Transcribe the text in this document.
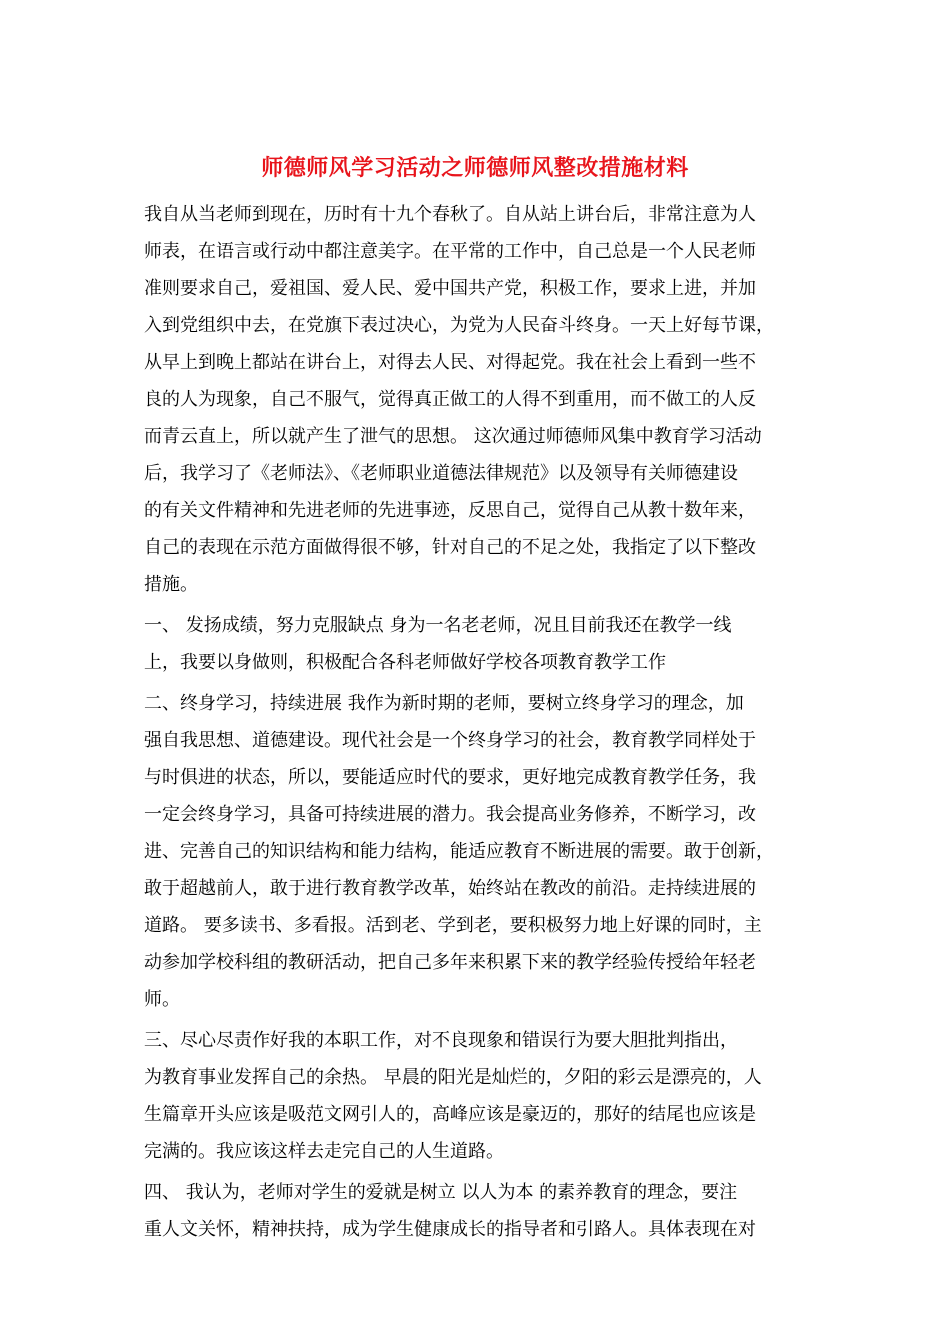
师德师风学习活动之师德师风整改措施材料
我自从当老师到现在，历时有十九个春秋了。自从站上讲台后，非常注意为人
师表，在语言或行动中都注意美字。在平常的工作中，自己总是一个人民老师
准则要求自己，爱祖国、爱人民、爱中国共产党，积极工作，要求上进，并加
入到党组织中去，在党旗下表过决心，为党为人民奋斗终身。一天上好每节课，
从早上到晚上都站在讲台上，对得去人民、对得起党。我在社会上看到一些不
良的人为现象，自己不服气，觉得真正做工的人得不到重用，而不做工的人反
而青云直上，所以就产生了泄气的思想。 这次通过师德师风集中教育学习活动
后，我学习了《老师法》、《老师职业道德法律规范》以及领导有关师德建设
的有关文件精神和先进老师的先进事迹，反思自己，觉得自己从教十数年来，
自己的表现在示范方面做得很不够，针对自己的不足之处，我指定了以下整改
措施。
一、 发扬成绩，努力克服缺点 身为一名老老师，况且目前我还在教学一线
上，我要以身做则，积极配合各科老师做好学校各项教育教学工作
二、终身学习，持续进展 我作为新时期的老师，要树立终身学习的理念，加
强自我思想、道德建设。现代社会是一个终身学习的社会，教育教学同样处于
与时俱进的状态，所以，要能适应时代的要求，更好地完成教育教学任务，我
一定会终身学习，具备可持续进展的潜力。我会提高业务修养，不断学习，改
进、完善自己的知识结构和能力结构，能适应教育不断进展的需要。敢于创新，
敢于超越前人，敢于进行教育教学改革，始终站在教改的前沿。走持续进展的
道路。 要多读书、多看报。活到老、学到老，要积极努力地上好课的同时，主
动参加学校科组的教研活动，把自己多年来积累下来的教学经验传授给年轻老
师。
三、尽心尽责作好我的本职工作，对不良现象和错误行为要大胆批判指出，
为教育事业发挥自己的余热。 早晨的阳光是灿烂的，夕阳的彩云是漂亮的，人
生篇章开头应该是吸范文网引人的，高峰应该是豪迈的，那好的结尾也应该是
完满的。我应该这样去走完自己的人生道路。
四、 我认为，老师对学生的爱就是树立 以人为本 的素养教育的理念，要注
重人文关怀，精神扶持，成为学生健康成长的指导者和引路人。具体表现在对
